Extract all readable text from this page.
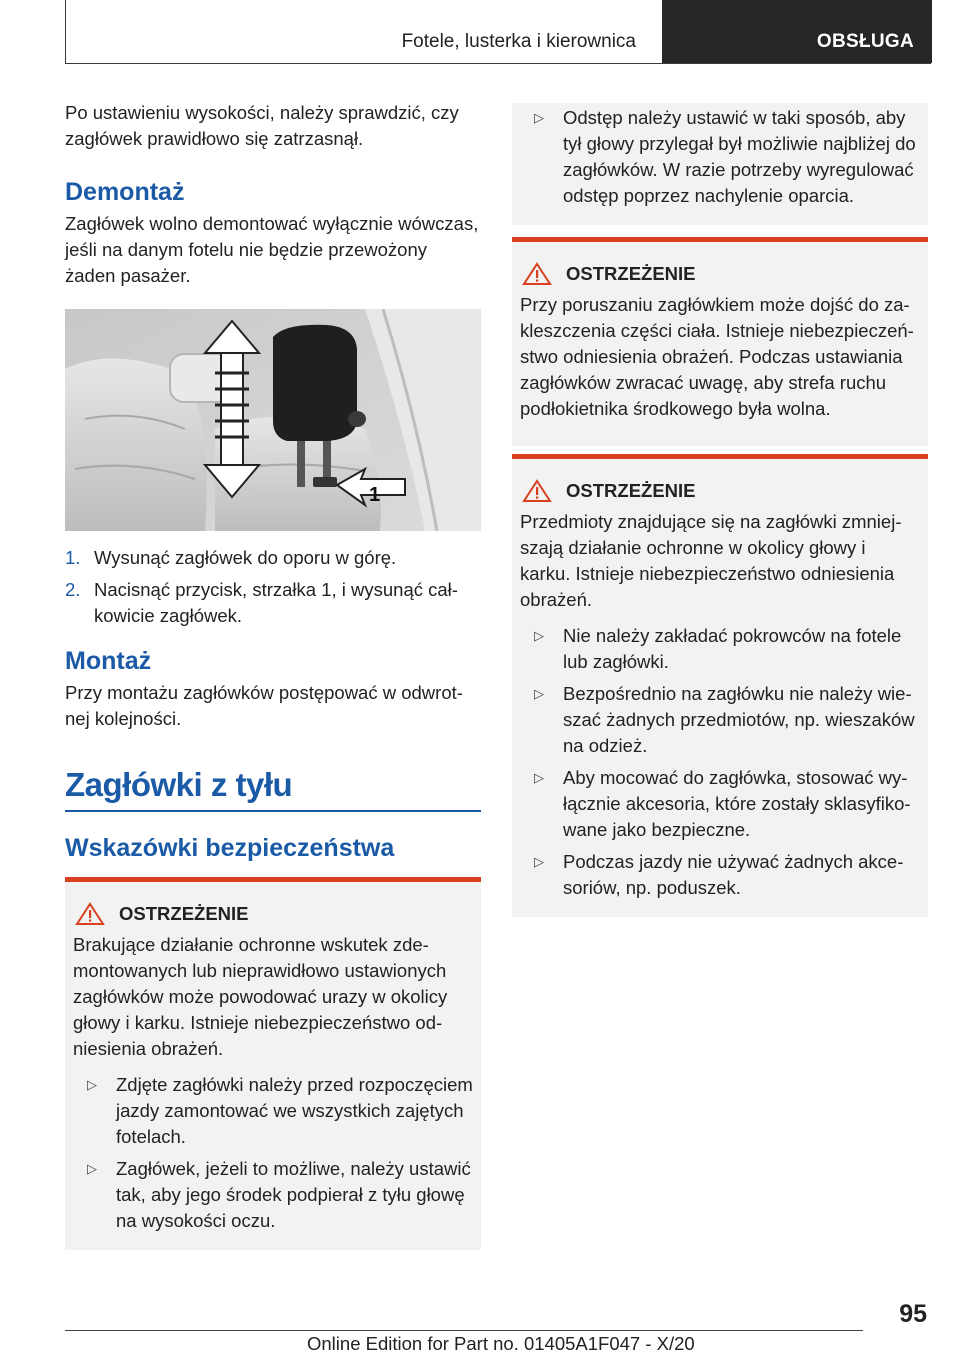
Fotele, lusterka i kierownica	OBSŁUGA

Po ustawieniu wysokości, należy sprawdzić, czy zagłówek prawidłowo się zatrzasnął.

Demontaż

Zagłówek wolno demontować wyłącznie wówczas, jeśli na danym fotelu nie będzie przewożony żaden pasażer.

1
1. Wysunąć zagłówek do oporu w górę.
2. Nacisnąć przycisk, strzałka 1, i wysunąć całkowicie zagłówek.
Montaż

Przy montażu zagłówków postępować w odwrotnej kolejności.

Zagłówki z tyłu
Wskazówki bezpieczeństwa
OSTRZEŻENIE

Brakujące działanie ochronne wskutek zdemontowanych lub nieprawidłowo ustawionych zagłówków może powodować urazy w okolicy głowy i karku. Istnieje niebezpieczeństwo odniesienia obrażeń.

▷ Zdjęte zagłówki należy przed rozpoczęciem jazdy zamontować we wszystkich zajętych fotelach.
▷ Zagłówek, jeżeli to możliwe, należy ustawić tak, aby jego środek podpierał z tyłu głowę na wysokości oczu.
▷ Odstęp należy ustawić w taki sposób, aby tył głowy przylegał był możliwie najbliżej do zagłówków. W razie potrzeby wyregulować odstęp poprzez nachylenie oparcia.
OSTRZEŻENIE

Przy poruszaniu zagłówkiem może dojść do zakleszczenia części ciała. Istnieje niebezpieczeństwo odniesienia obrażeń. Podczas ustawiania zagłówków zwracać uwagę, aby strefa ruchu podłokietnika środkowego była wolna.

OSTRZEŻENIE

Przedmioty znajdujące się na zagłówki zmniejszają działanie ochronne w okolicy głowy i karku. Istnieje niebezpieczeństwo odniesienia obrażeń.

▷ Nie należy zakładać pokrowców na fotele lub zagłówki.
▷ Bezpośrednio na zagłówku nie należy wieszać żadnych przedmiotów, np. wieszaków na odzież.
▷ Aby mocować do zagłówka, stosować wyłącznie akcesoria, które zostały sklasyfikowane jako bezpieczne.
▷ Podczas jazdy nie używać żadnych akcesoriów, np. poduszek.
95
Online Edition for Part no. 01405A1F047 - X/20
